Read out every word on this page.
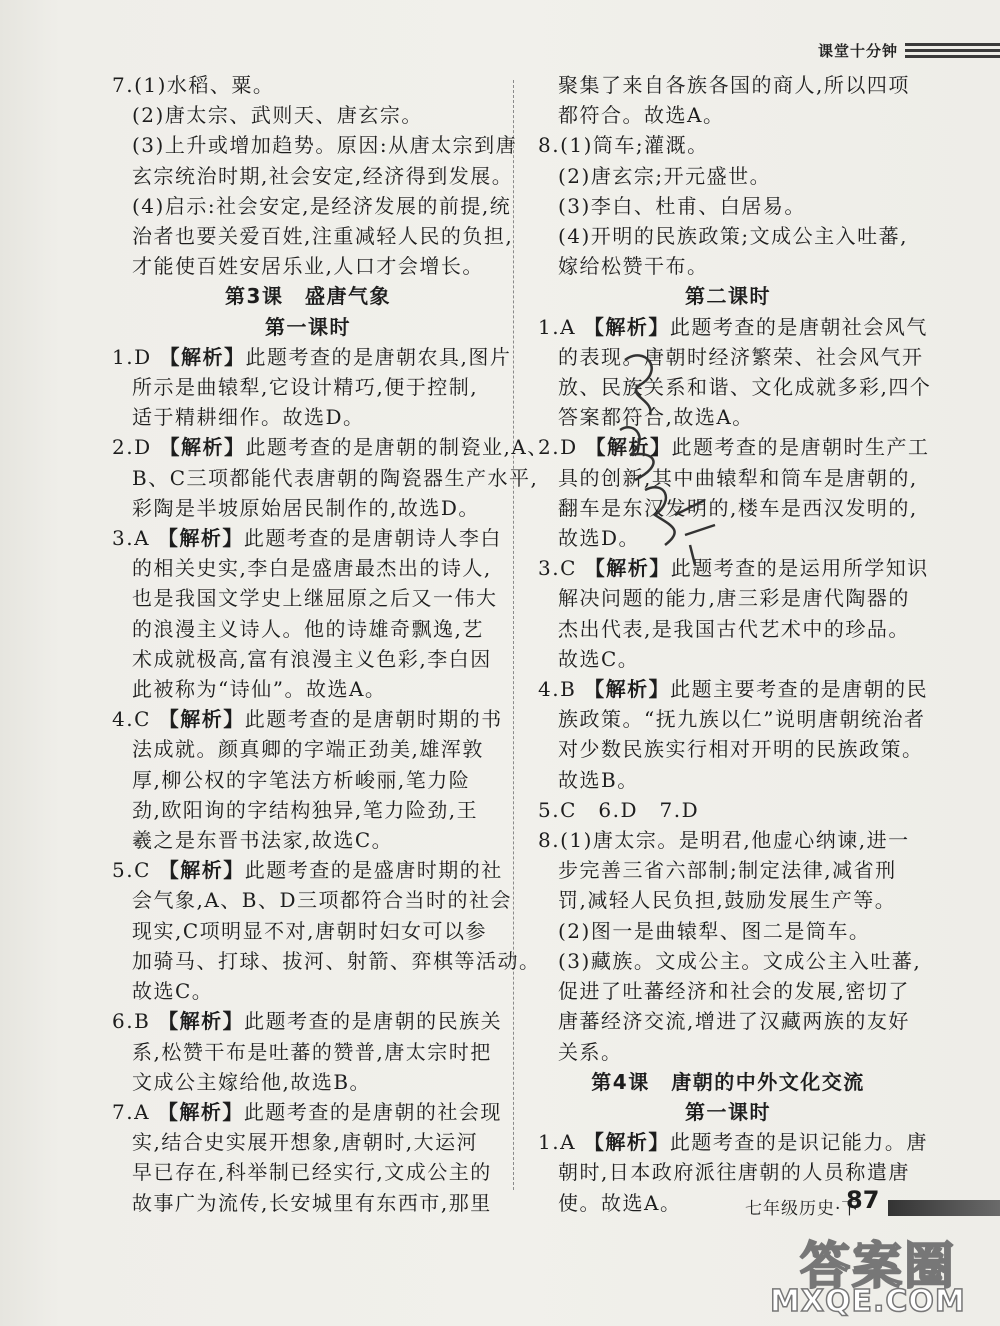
课堂十分钟
7.(1)水稻、粟。
(2)唐太宗、武则天、唐玄宗。
(3)上升或增加趋势。原因:从唐太宗到唐
玄宗统治时期,社会安定,经济得到发展。
(4)启示:社会安定,是经济发展的前提,统
治者也要关爱百姓,注重减轻人民的负担,
才能使百姓安居乐业,人口才会增长。
第3课　盛唐气象
第一课时
1.D 【解析】此题考查的是唐朝农具,图片
所示是曲辕犁,它设计精巧,便于控制,
适于精耕细作。故选D。
2.D 【解析】此题考查的是唐朝的制瓷业,A、
B、C三项都能代表唐朝的陶瓷器生产水平,
彩陶是半坡原始居民制作的,故选D。
3.A 【解析】此题考查的是唐朝诗人李白
的相关史实,李白是盛唐最杰出的诗人,
也是我国文学史上继屈原之后又一伟大
的浪漫主义诗人。他的诗雄奇飘逸,艺
术成就极高,富有浪漫主义色彩,李白因
此被称为“诗仙”。故选A。
4.C 【解析】此题考查的是唐朝时期的书
法成就。颜真卿的字端正劲美,雄浑敦
厚,柳公权的字笔法方析峻丽,笔力险
劲,欧阳询的字结构独异,笔力险劲,王
羲之是东晋书法家,故选C。
5.C 【解析】此题考查的是盛唐时期的社
会气象,A、B、D三项都符合当时的社会
现实,C项明显不对,唐朝时妇女可以参
加骑马、打球、拔河、射箭、弈棋等活动。
故选C。
6.B 【解析】此题考查的是唐朝的民族关
系,松赞干布是吐蕃的赞普,唐太宗时把
文成公主嫁给他,故选B。
7.A 【解析】此题考查的是唐朝的社会现
实,结合史实展开想象,唐朝时,大运河
早已存在,科举制已经实行,文成公主的
故事广为流传,长安城里有东西市,那里
聚集了来自各族各国的商人,所以四项
都符合。故选A。
8.(1)筒车;灌溉。
(2)唐玄宗;开元盛世。
(3)李白、杜甫、白居易。
(4)开明的民族政策;文成公主入吐蕃,
嫁给松赞干布。
第二课时
1.A 【解析】此题考查的是唐朝社会风气
的表现。唐朝时经济繁荣、社会风气开
放、民族关系和谐、文化成就多彩,四个
答案都符合,故选A。
2.D 【解析】此题考查的是唐朝时生产工
具的创新,其中曲辕犁和筒车是唐朝的,
翻车是东汉发明的,楼车是西汉发明的,
故选D。
3.C 【解析】此题考查的是运用所学知识
解决问题的能力,唐三彩是唐代陶器的
杰出代表,是我国古代艺术中的珍品。
故选C。
4.B 【解析】此题主要考查的是唐朝的民
族政策。“抚九族以仁”说明唐朝统治者
对少数民族实行相对开明的民族政策。
故选B。
5.C　6.D　7.D
8.(1)唐太宗。是明君,他虚心纳谏,进一
步完善三省六部制;制定法律,减省刑
罚,减轻人民负担,鼓励发展生产等。
(2)图一是曲辕犁、图二是筒车。
(3)藏族。文成公主。文成公主入吐蕃,
促进了吐蕃经济和社会的发展,密切了
唐蕃经济交流,增进了汉藏两族的友好
关系。
第4课　唐朝的中外文化交流
第一课时
1.A 【解析】此题考查的是识记能力。唐
朝时,日本政府派往唐朝的人员称遣唐
使。故选A。	七年级历史·下
87
答案圈
MXQE.COM
